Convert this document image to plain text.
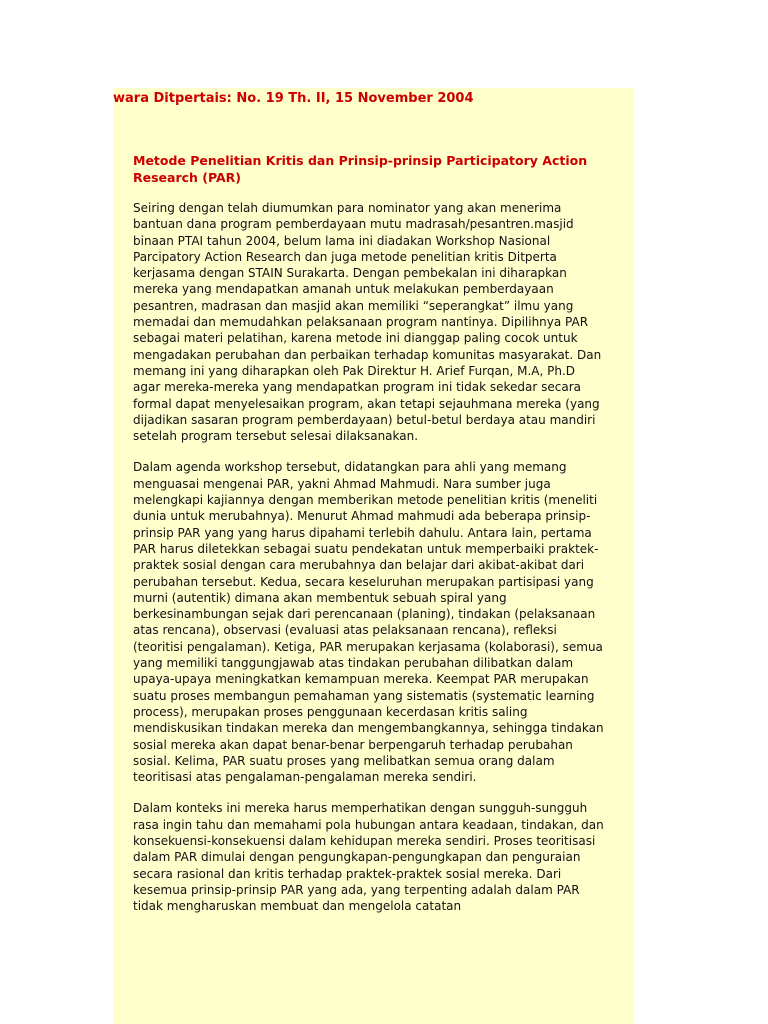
wara Ditpertais: No. 19 Th. II, 15 November 2004

Metode Penelitian Kritis dan Prinsip-prinsip Participatory Action Research (PAR)

Seiring dengan telah diumumkan para nominator yang akan menerima bantuan dana program pemberdayaan mutu madrasah/pesantren.masjid binaan PTAI tahun 2004, belum lama ini diadakan Workshop Nasional Parcipatory Action Research dan juga metode penelitian kritis Ditperta kerjasama dengan STAIN Surakarta. Dengan pembekalan ini diharapkan mereka yang mendapatkan amanah untuk melakukan pemberdayaan pesantren, madrasan dan masjid akan memiliki “seperangkat” ilmu yang memadai dan memudahkan pelaksanaan program nantinya. Dipilihnya PAR sebagai materi pelatihan, karena metode ini dianggap paling cocok untuk mengadakan perubahan dan perbaikan terhadap komunitas masyarakat. Dan memang ini yang diharapkan oleh Pak Direktur H. Arief Furqan, M.A, Ph.D agar mereka-mereka yang mendapatkan program ini tidak sekedar secara formal dapat menyelesaikan program, akan tetapi sejauhmana mereka (yang dijadikan sasaran program pemberdayaan) betul-betul berdaya atau mandiri setelah program tersebut selesai dilaksanakan.

Dalam agenda workshop tersebut, didatangkan para ahli yang memang menguasai mengenai PAR, yakni Ahmad Mahmudi. Nara sumber juga melengkapi kajiannya dengan memberikan metode penelitian kritis (meneliti dunia untuk merubahnya). Menurut Ahmad mahmudi ada beberapa prinsip-prinsip PAR yang yang harus dipahami terlebih dahulu. Antara lain, pertama PAR harus diletekkan sebagai suatu pendekatan untuk memperbaiki praktek-praktek sosial dengan cara merubahnya dan belajar dari akibat-akibat dari perubahan tersebut. Kedua, secara keseluruhan merupakan partisipasi yang murni (autentik) dimana akan membentuk sebuah spiral yang berkesinambungan sejak dari perencanaan (planing), tindakan (pelaksanaan atas rencana), observasi (evaluasi atas pelaksanaan rencana), refleksi (teoritisi pengalaman). Ketiga, PAR merupakan kerjasama (kolaborasi), semua yang memiliki tanggungjawab atas tindakan perubahan dilibatkan dalam upaya-upaya meningkatkan kemampuan mereka. Keempat PAR merupakan suatu proses membangun pemahaman yang sistematis (systematic learning process), merupakan proses penggunaan kecerdasan kritis saling mendiskusikan tindakan mereka dan mengembangkannya, sehingga tindakan sosial mereka akan dapat benar-benar berpengaruh terhadap perubahan sosial. Kelima, PAR suatu proses yang melibatkan semua orang dalam teoritisasi atas pengalaman-pengalaman mereka sendiri.

Dalam konteks ini mereka harus memperhatikan dengan sungguh-sungguh rasa ingin tahu dan memahami pola hubungan antara keadaan, tindakan, dan konsekuensi-konsekuensi dalam kehidupan mereka sendiri. Proses teoritisasi dalam PAR dimulai dengan pengungkapan-pengungkapan dan penguraian secara rasional dan kritis terhadap praktek-praktek sosial mereka. Dari kesemua prinsip-prinsip PAR yang ada, yang terpenting adalah dalam PAR tidak mengharuskan membuat dan mengelola catatan
